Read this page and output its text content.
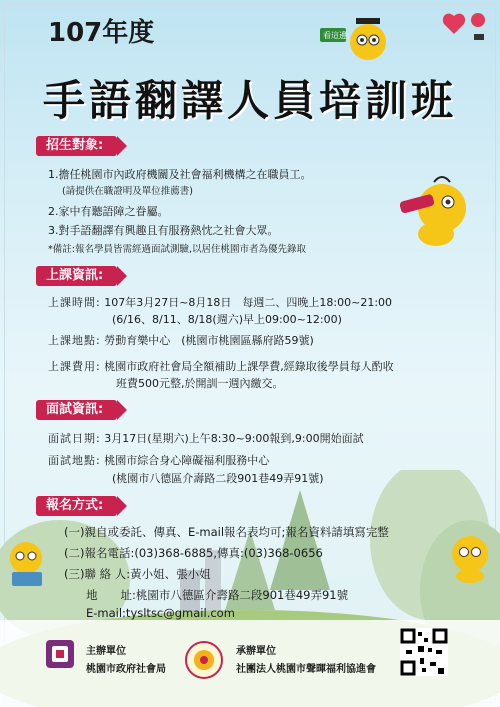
107年度
手語翻譯人員培訓班
看這邊
招生對象:
1.擔任桃園市內政府機關及社會福利機構之在職員工。
(請提供在職證明及單位推薦書)
2.家中有聽語障之眷屬。
3.對手語翻譯有興趣且有服務熱忱之社會大眾。
*備註:報名學員皆需經過面試測驗,以居住桃園市者為優先錄取
上課資訊:
上課時間: 107年3月27日~8月18日　每週二、四晚上18:00~21:00
(6/16、8/11、8/18(週六)早上09:00~12:00)
上課地點: 勞動育樂中心　(桃園市桃園區縣府路59號)
上課費用: 桃園市政府社會局全額補助上課學費,經錄取後學員每人酌收
班費500元整,於開訓一週內繳交。
面試資訊:
面試日期: 3月17日(星期六)上午8:30~9:00報到,9:00開始面試
面試地點: 桃園市綜合身心障礙福利服務中心
(桃園市八德區介壽路二段901巷49弄91號)
報名方式:
(一)親自或委託、傳真、E-mail報名表均可;報名資料請填寫完整
(二)報名電話:(03)368-6885,傳真:(03)368-0656
(三)聯 絡 人:黃小姐、張小姐
地　　址:桃園市八德區介壽路二段901巷49弄91號
E-mail:tysltsc@gmail.com
主辦單位
桃園市政府社會局
承辦單位
社團法人桃園市聲暉福利協進會
